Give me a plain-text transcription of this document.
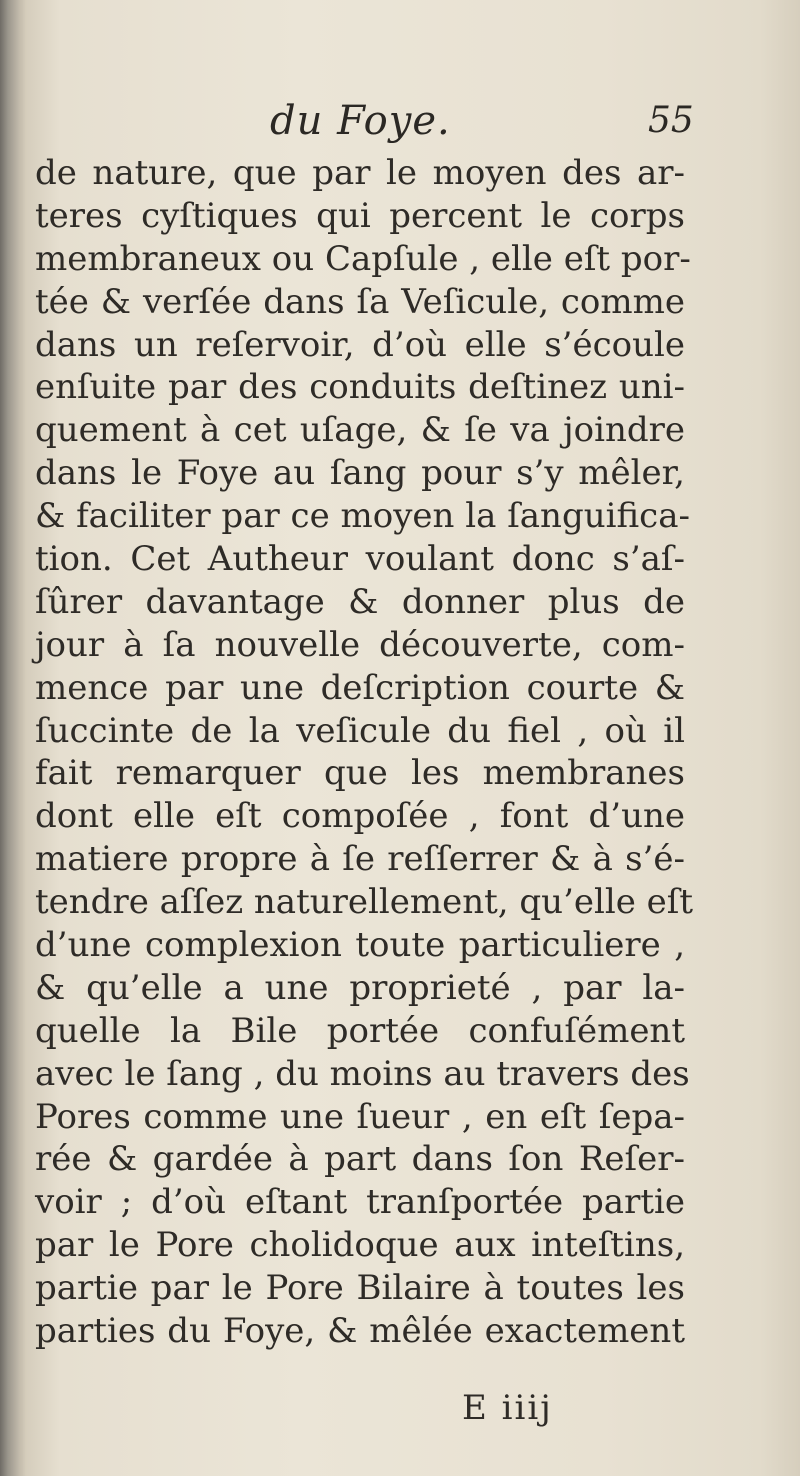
du Foye.	55
de nature, que par le moyen des ar-
teres cyſtiques qui percent le corps
membraneux ou Capſule , elle eſt por-
tée & verſée dans ſa Veſicule, comme
dans un reſervoir, d’où elle s’écoule
enſuite par des conduits deſtinez uni-
quement à cet uſage, & ſe va joindre
dans le Foye au ſang pour s’y mêler,
& faciliter par ce moyen la ſanguifica-
tion. Cet Autheur voulant donc s’aſ-
ſûrer davantage & donner plus de
jour à ſa nouvelle découverte, com-
mence par une deſcription courte &
ſuccinte de la veſicule du fiel , où il
fait remarquer que les membranes
dont elle eſt compoſée , font d’une
matiere propre à ſe reſſerrer & à s’é-
tendre aſſez naturellement, qu’elle eſt
d’une complexion toute particuliere ,
& qu’elle a une proprieté , par la-
quelle la Bile portée confuſément
avec le ſang , du moins au travers des
Pores comme une ſueur , en eſt ſepa-
rée & gardée à part dans ſon Reſer-
voir ; d’où eſtant tranſportée partie
par le Pore cholidoque aux inteſtins,
partie par le Pore Bilaire à toutes les
parties du Foye, & mêlée exactement
E iiij
